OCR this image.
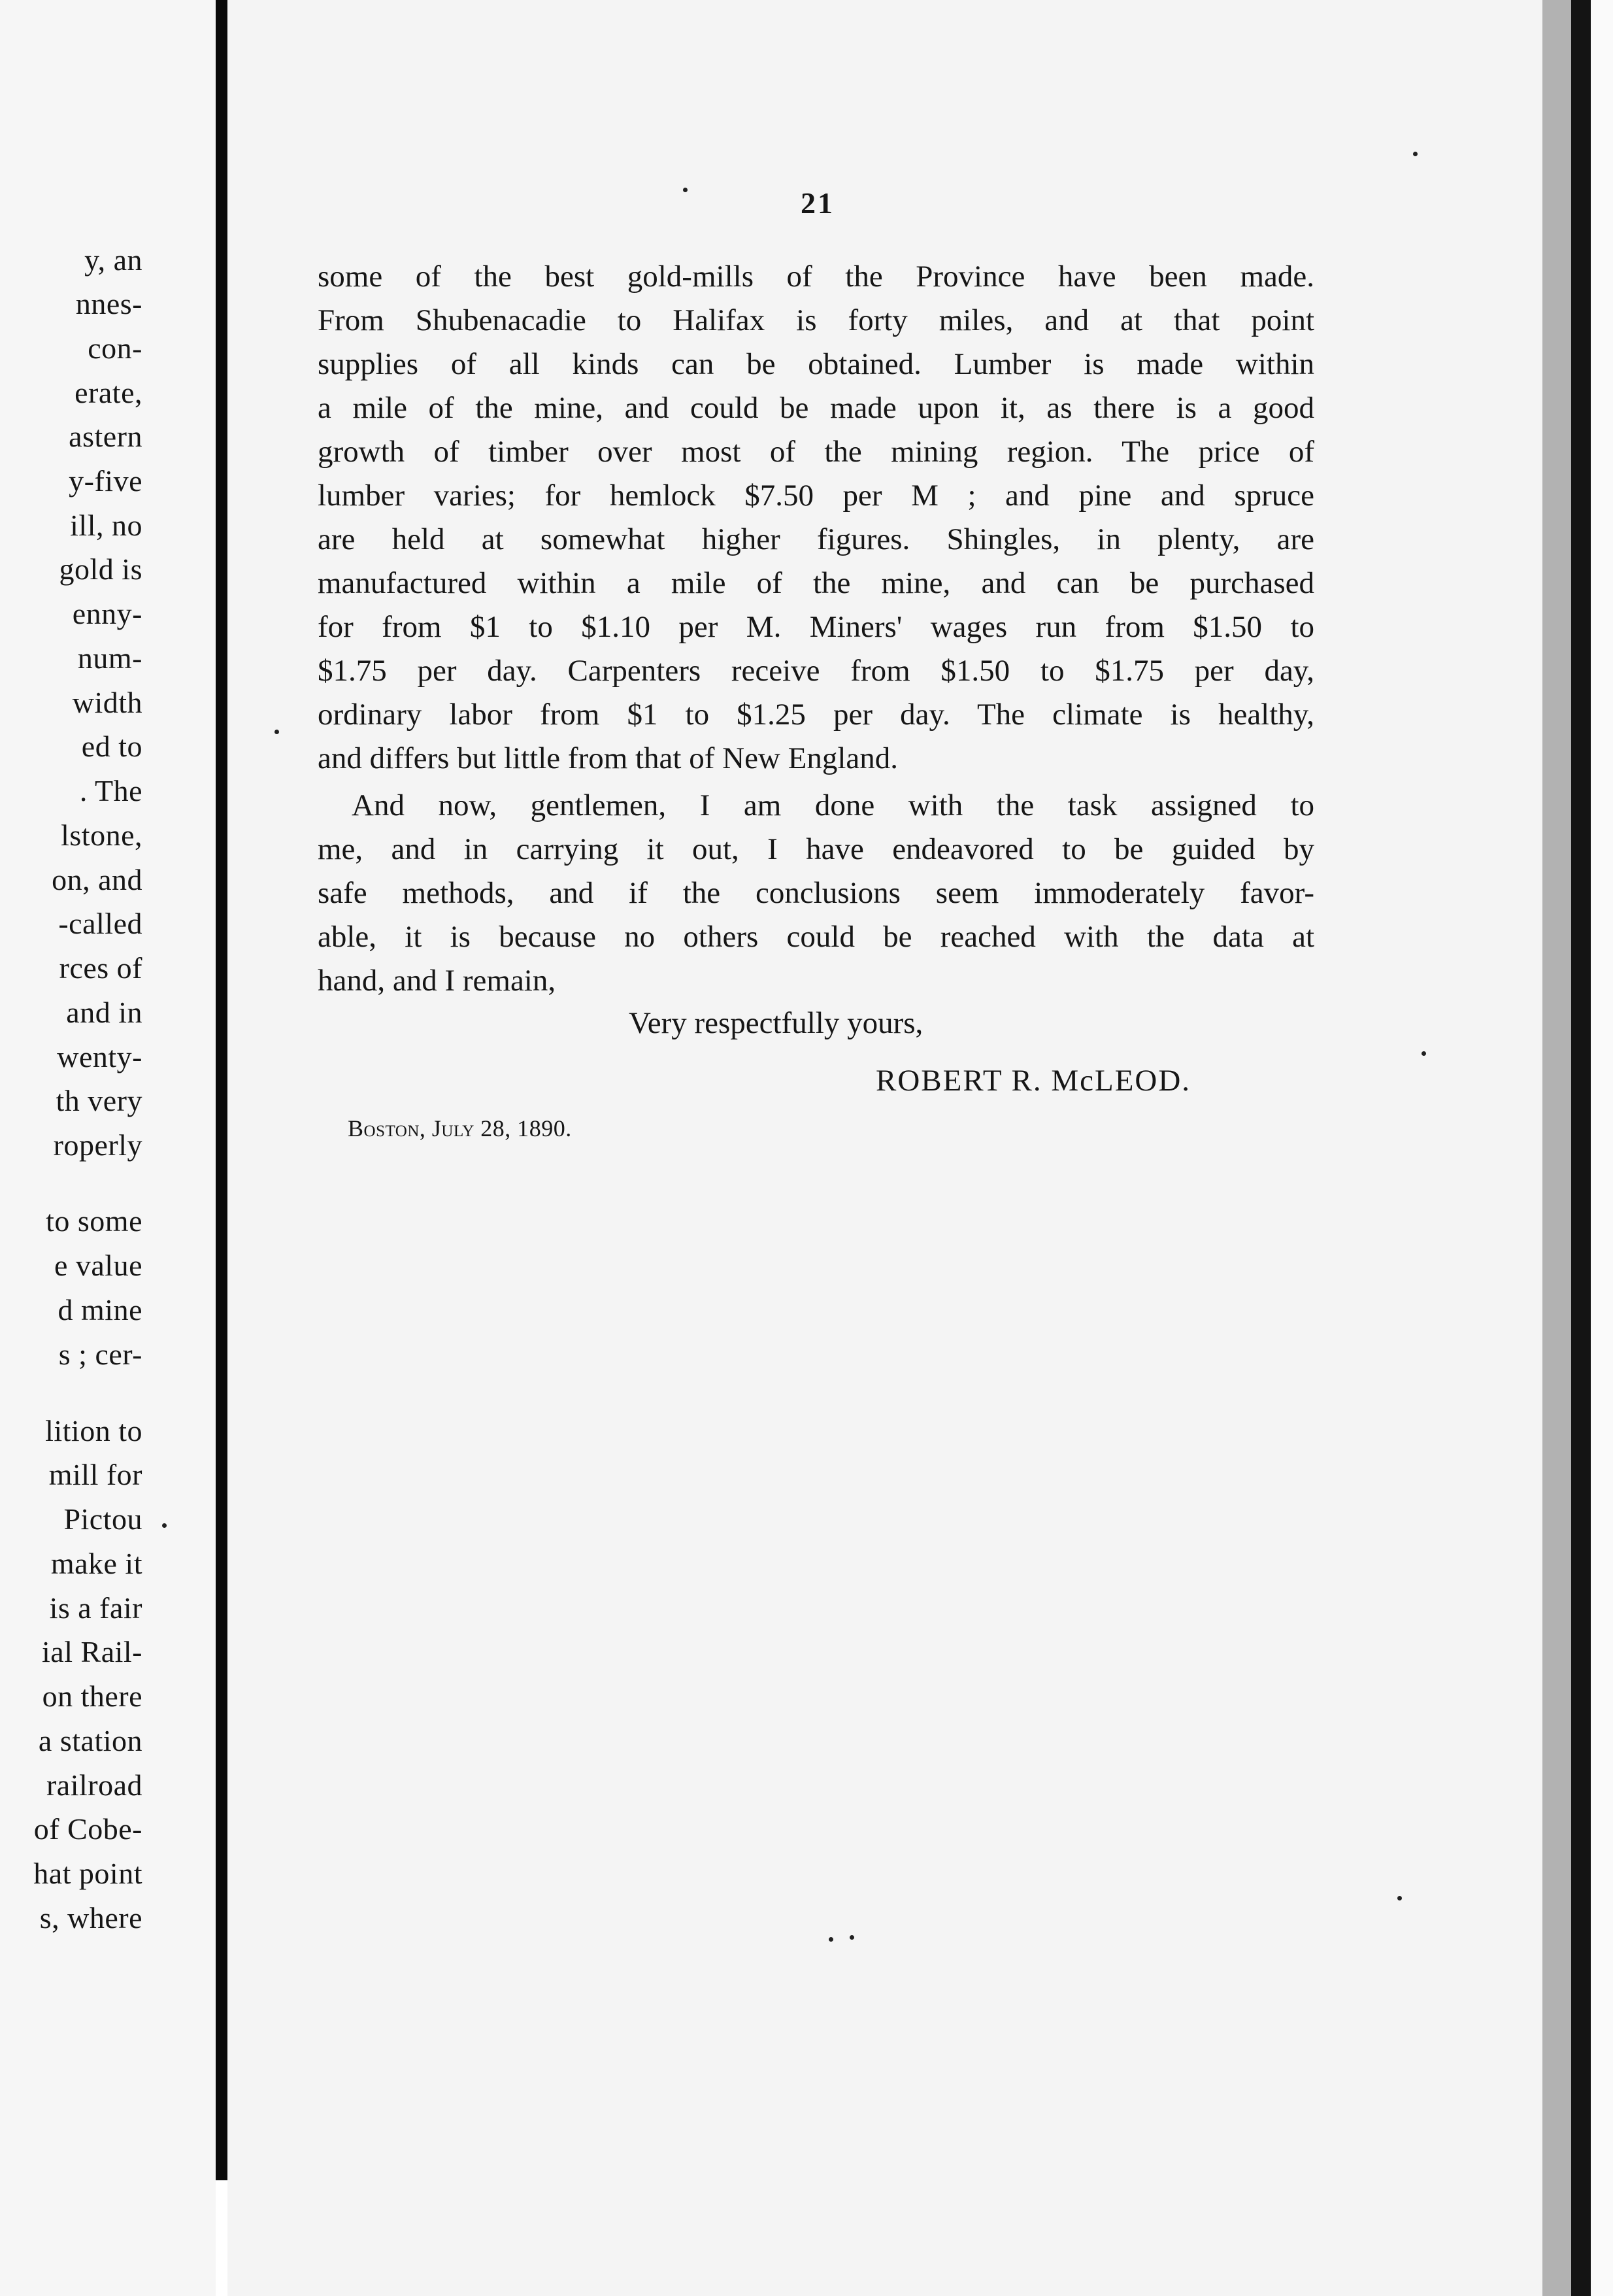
y, an
nnes-
con-
erate,
astern
y-five
ill, no
gold is
enny-
num-
width
ed to
. The
lstone,
on, and
-called
rces of
and in
wenty-
th very
roperly
to some
e value
d mine
s ; cer-
lition to
mill for
Pictou
make it
is a fair
ial Rail-
on there
a station
railroad
of Cobe-
hat point
s, where
21
some of the best gold-mills of the Province have been made.
From Shubenacadie to Halifax is forty miles, and at that point
supplies of all kinds can be obtained. Lumber is made within
a mile of the mine, and could be made upon it, as there is a good
growth of timber over most of the mining region. The price of
lumber varies; for hemlock $7.50 per M ; and pine and spruce
are held at somewhat higher figures. Shingles, in plenty, are
manufactured within a mile of the mine, and can be purchased
for from $1 to $1.10 per M. Miners' wages run from $1.50 to
$1.75 per day. Carpenters receive from $1.50 to $1.75 per day,
ordinary labor from $1 to $1.25 per day. The climate is healthy,
and differs but little from that of New England.
And now, gentlemen, I am done with the task assigned to
me, and in carrying it out, I have endeavored to be guided by
safe methods, and if the conclusions seem immoderately favor-
able, it is because no others could be reached with the data at
hand, and I remain,
Very respectfully yours,
ROBERT R. McLEOD.
Boston, July 28, 1890.
